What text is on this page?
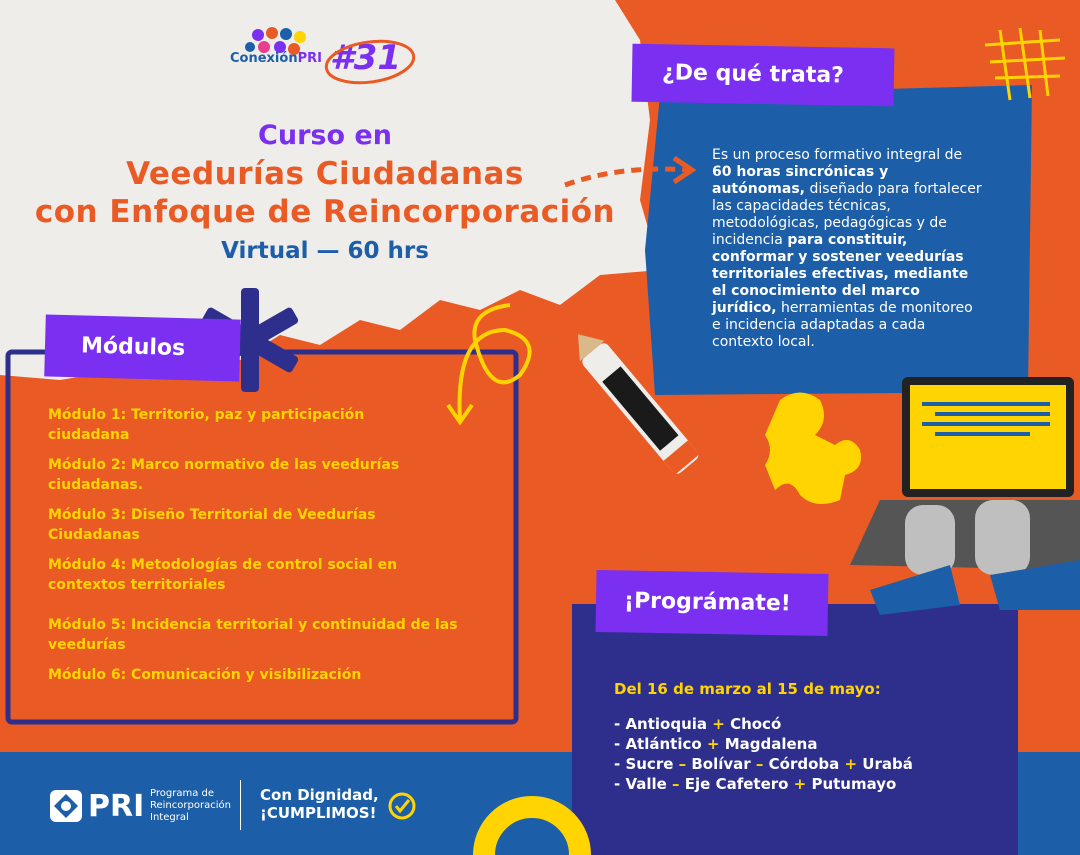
ConexiónPRI #31
Curso en
Veedurías Ciudadanas
con Enfoque de Reincorporación
Virtual — 60 hrs
¿De qué trata?
Es un proceso formativo integral de 60 horas sincrónicas y autónomas, diseñado para fortalecer las capacidades técnicas, metodológicas, pedagógicas y de incidencia para constituir, conformar y sostener veedurías territoriales efectivas, mediante el conocimiento del marco jurídico, herramientas de monitoreo e incidencia adaptadas a cada contexto local.
Módulos
Módulo 1: Territorio, paz y participación ciudadana
Módulo 2: Marco normativo de las veedurías ciudadanas.
Módulo 3: Diseño Territorial de Veedurías Ciudadanas
Módulo 4: Metodologías de control social en contextos territoriales
Módulo 5: Incidencia territorial y continuidad de las veedurías
Módulo 6: Comunicación y visibilización
¡Prográmate!
Del 16 de marzo al 15 de mayo:
- Antioquia + Chocó
- Atlántico + Magdalena
- Sucre – Bolívar – Córdoba + Urabá
- Valle – Eje Cafetero + Putumayo
PRI Programa de
Reincorporación
Integral
Con Dignidad,
¡CUMPLIMOS!
